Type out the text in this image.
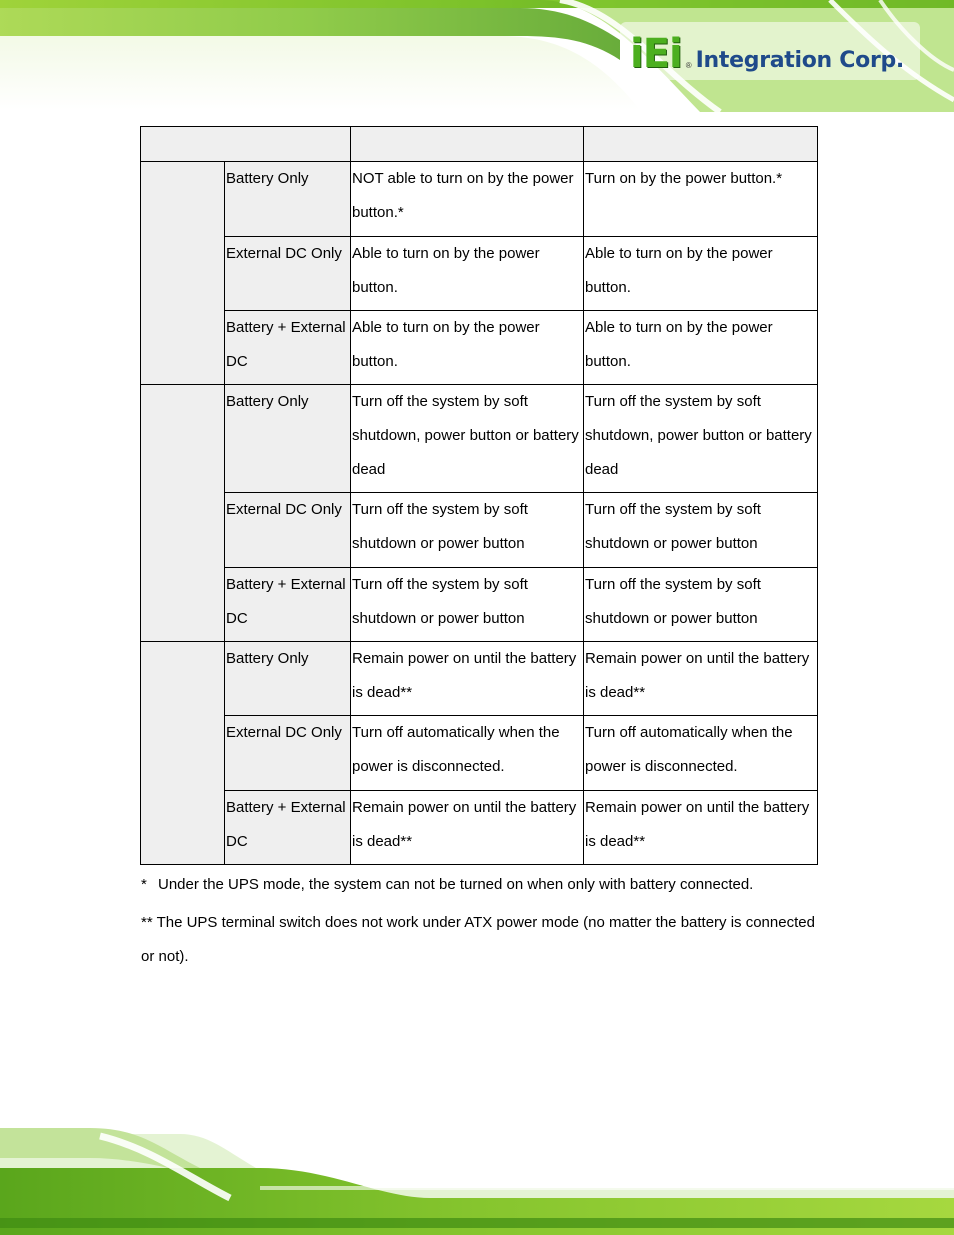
iEi ® Integration Corp.

	Battery Only	NOT able to turn on by the power button.*	Turn on by the power button.*
	External DC Only	Able to turn on by the power button.	Able to turn on by the power button.
	Battery + External DC	Able to turn on by the power button.	Able to turn on by the power button.
	Battery Only	Turn off the system by soft shutdown, power button or battery dead	Turn off the system by soft shutdown, power button or battery dead
	External DC Only	Turn off the system by soft shutdown or power button	Turn off the system by soft shutdown or power button
	Battery + External DC	Turn off the system by soft shutdown or power button	Turn off the system by soft shutdown or power button
	Battery Only	Remain power on until the battery is dead**	Remain power on until the battery is dead**
	External DC Only	Turn off automatically when the power is disconnected.	Turn off automatically when the power is disconnected.
	Battery + External DC	Remain power on until the battery is dead**	Remain power on until the battery is dead**
* Under the UPS mode, the system can not be turned on when only with battery connected.
** The UPS terminal switch does not work under ATX power mode (no matter the battery is connected or not).
